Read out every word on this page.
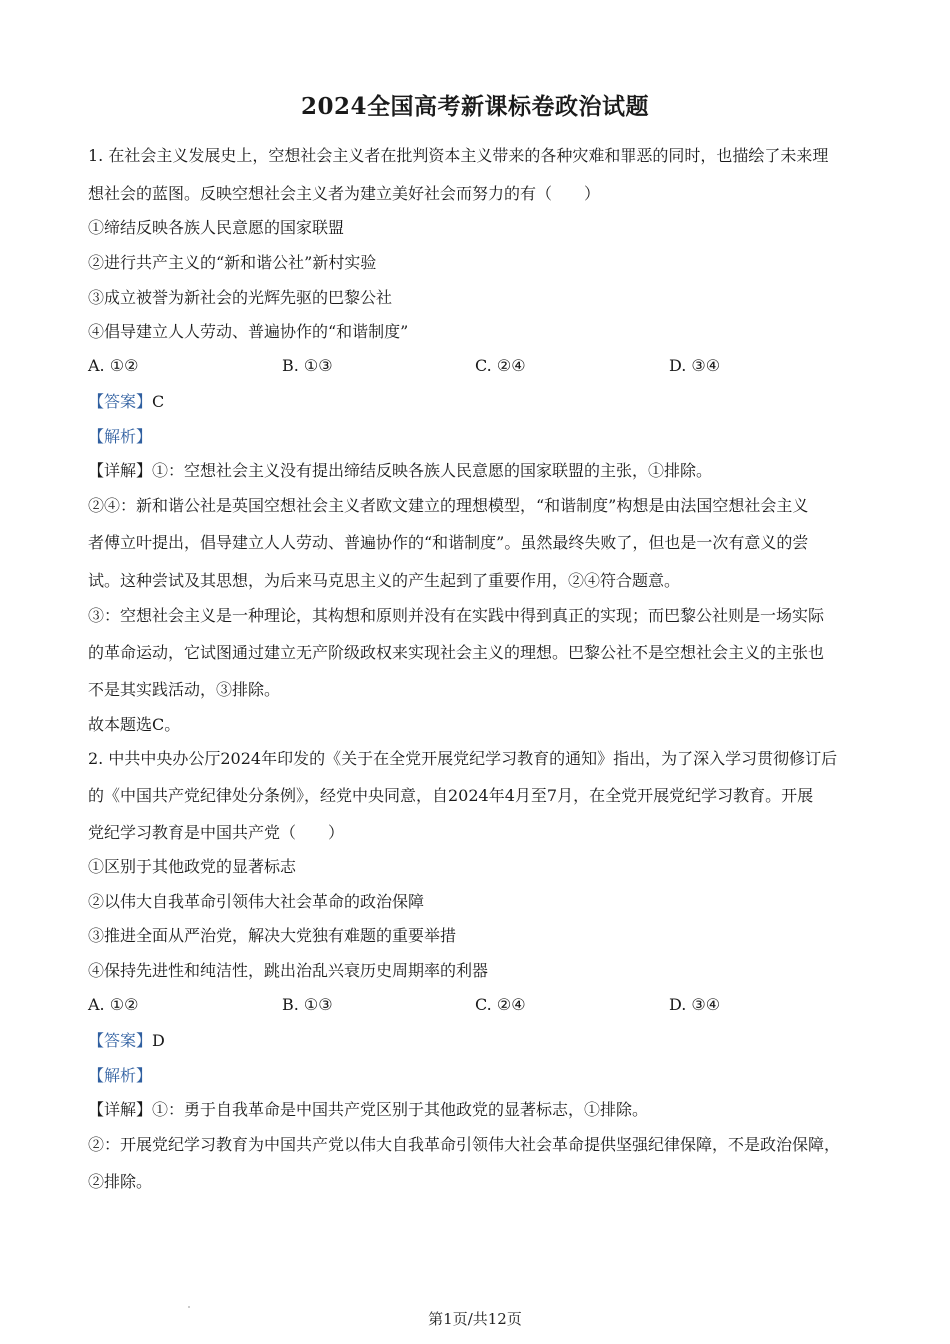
2024全国高考新课标卷政治试题
1. 在社会主义发展史上，空想社会主义者在批判资本主义带来的各种灾难和罪恶的同时，也描绘了未来理
想社会的蓝图。反映空想社会主义者为建立美好社会而努力的有（　　）
①缔结反映各族人民意愿的国家联盟
②进行共产主义的“新和谐公社”新村实验
③成立被誉为新社会的光辉先驱的巴黎公社
④倡导建立人人劳动、普遍协作的“和谐制度”
A. ①②	B. ①③	C. ②④	D. ③④
【答案】C
【解析】
【详解】①：空想社会主义没有提出缔结反映各族人民意愿的国家联盟的主张，①排除。
②④：新和谐公社是英国空想社会主义者欧文建立的理想模型，“和谐制度”构想是由法国空想社会主义
者傅立叶提出，倡导建立人人劳动、普遍协作的“和谐制度”。虽然最终失败了，但也是一次有意义的尝
试。这种尝试及其思想，为后来马克思主义的产生起到了重要作用，②④符合题意。
③：空想社会主义是一种理论，其构想和原则并没有在实践中得到真正的实现；而巴黎公社则是一场实际
的革命运动，它试图通过建立无产阶级政权来实现社会主义的理想。巴黎公社不是空想社会主义的主张也
不是其实践活动，③排除。
故本题选C。
2. 中共中央办公厅2024年印发的《关于在全党开展党纪学习教育的通知》指出，为了深入学习贯彻修订后
的《中国共产党纪律处分条例》，经党中央同意，自2024年4月至7月，在全党开展党纪学习教育。开展
党纪学习教育是中国共产党（　　）
①区别于其他政党的显著标志
②以伟大自我革命引领伟大社会革命的政治保障
③推进全面从严治党，解决大党独有难题的重要举措
④保持先进性和纯洁性，跳出治乱兴衰历史周期率的利器
A. ①②	B. ①③	C. ②④	D. ③④
【答案】D
【解析】
【详解】①：勇于自我革命是中国共产党区别于其他政党的显著标志，①排除。
②：开展党纪学习教育为中国共产党以伟大自我革命引领伟大社会革命提供坚强纪律保障，不是政治保障，
②排除。
第1页/共12页
